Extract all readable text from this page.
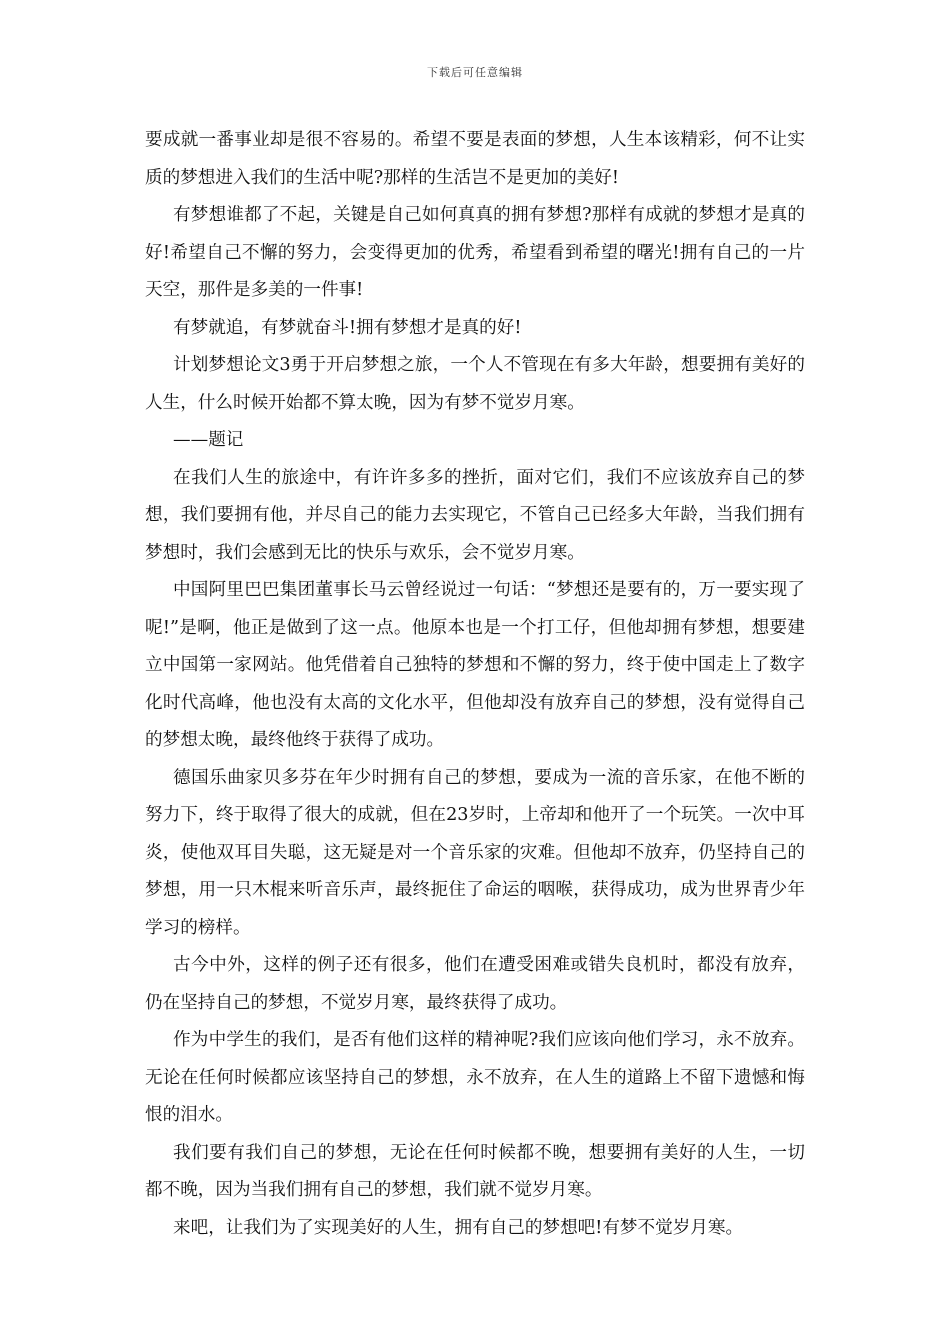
下载后可任意编辑

要成就一番事业却是很不容易的。希望不要是表面的梦想，人生本该精彩，何不让实质的梦想进入我们的生活中呢?那样的生活岂不是更加的美好!

有梦想谁都了不起，关键是自己如何真真的拥有梦想?那样有成就的梦想才是真的好!希望自己不懈的努力，会变得更加的优秀，希望看到希望的曙光!拥有自己的一片天空，那件是多美的一件事!

有梦就追，有梦就奋斗!拥有梦想才是真的好!

计划梦想论文3勇于开启梦想之旅，一个人不管现在有多大年龄，想要拥有美好的人生，什么时候开始都不算太晚，因为有梦不觉岁月寒。

——题记

在我们人生的旅途中，有许许多多的挫折，面对它们，我们不应该放弃自己的梦想，我们要拥有他，并尽自己的能力去实现它，不管自己已经多大年龄，当我们拥有梦想时，我们会感到无比的快乐与欢乐，会不觉岁月寒。

中国阿里巴巴集团董事长马云曾经说过一句话：“梦想还是要有的，万一要实现了呢!”是啊，他正是做到了这一点。他原本也是一个打工仔，但他却拥有梦想，想要建立中国第一家网站。他凭借着自己独特的梦想和不懈的努力，终于使中国走上了数字化时代高峰，他也没有太高的文化水平，但他却没有放弃自己的梦想，没有觉得自己的梦想太晚，最终他终于获得了成功。

德国乐曲家贝多芬在年少时拥有自己的梦想，要成为一流的音乐家，在他不断的努力下，终于取得了很大的成就，但在23岁时，上帝却和他开了一个玩笑。一次中耳炎，使他双耳目失聪，这无疑是对一个音乐家的灾难。但他却不放弃，仍坚持自己的梦想，用一只木棍来听音乐声，最终扼住了命运的咽喉，获得成功，成为世界青少年学习的榜样。

古今中外，这样的例子还有很多，他们在遭受困难或错失良机时，都没有放弃，仍在坚持自己的梦想，不觉岁月寒，最终获得了成功。

作为中学生的我们，是否有他们这样的精神呢?我们应该向他们学习，永不放弃。无论在任何时候都应该坚持自己的梦想，永不放弃，在人生的道路上不留下遗憾和悔恨的泪水。

我们要有我们自己的梦想，无论在任何时候都不晚，想要拥有美好的人生，一切都不晚，因为当我们拥有自己的梦想，我们就不觉岁月寒。

来吧，让我们为了实现美好的人生，拥有自己的梦想吧!有梦不觉岁月寒。
